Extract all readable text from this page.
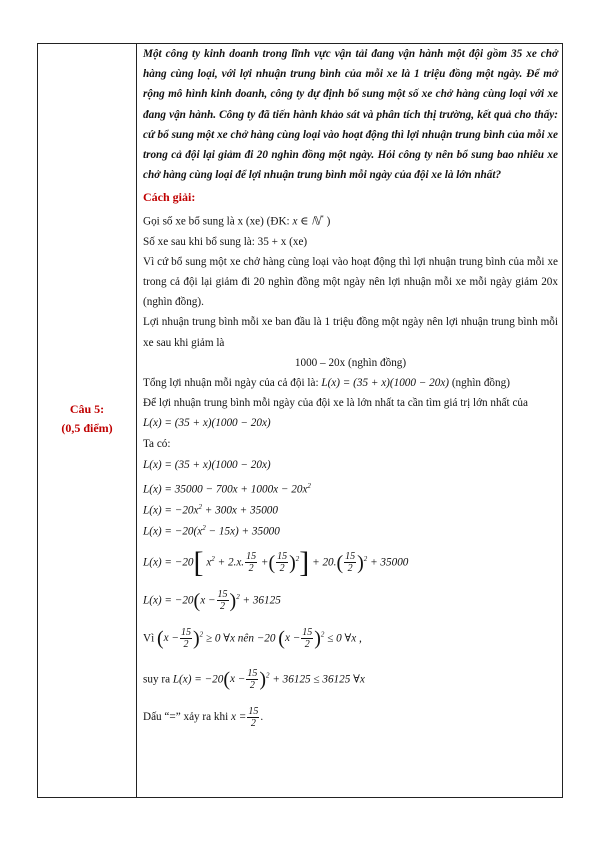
Câu 5:
(0,5 điểm)

Một công ty kinh doanh trong lĩnh vực vận tải đang vận hành một đội gồm 35 xe chở hàng cùng loại, với lợi nhuận trung bình của mỗi xe là 1 triệu đồng một ngày. Để mở rộng mô hình kinh doanh, công ty dự định bổ sung một số xe chở hàng cùng loại với xe đang vận hành. Công ty đã tiến hành khảo sát và phân tích thị trường, kết quả cho thấy: cứ bổ sung một xe chở hàng cùng loại vào hoạt động thì lợi nhuận trung bình của mỗi xe trong cả đội lại giảm đi 20 nghìn đồng một ngày. Hỏi công ty nên bổ sung bao nhiêu xe chở hàng cùng loại để lợi nhuận trung bình mỗi ngày của đội xe là lớn nhất?

Cách giải:

Gọi số xe bổ sung là x (xe) (ĐK: x ∈ ℕ* )

Số xe sau khi bổ sung là: 35 + x (xe)

Vì cứ bổ sung một xe chở hàng cùng loại vào hoạt động thì lợi nhuận trung bình của mỗi xe trong cả đội lại giảm đi 20 nghìn đồng một ngày nên lợi nhuận mỗi xe mỗi ngày giảm 20x (nghìn đồng).

Lợi nhuận trung bình mỗi xe ban đầu là 1 triệu đồng một ngày nên lợi nhuận trung bình mỗi xe sau khi giảm là

1000 – 20x (nghìn đồng)

Tổng lợi nhuận mỗi ngày của cả đội là: L(x) = (35 + x)(1000 − 20x) (nghìn đồng)

Để lợi nhuận trung bình mỗi ngày của đội xe là lớn nhất ta cần tìm giá trị lớn nhất của

L(x) = (35 + x)(1000 − 20x)

Ta có:

L(x) = (35 + x)(1000 − 20x)
$L(x) = 35000 - 700x + 1000x - 20x^2$
$L(x) = -20x^2 + 300x + 35000$
$L(x) = -20(x^2 - 15x) + 35000$
L(x) = −20[ $x^2 + 2.x$. $\frac{15}{2}$ +( $\frac{15}{2} )^2] + 20.( \frac{15}{2} )^2 + 35000$
$L(x) = -20(x - \frac{15}{2} )^2 + 36125$
Vì $(x - \frac{15}{2} )^2 \ge 0$ ∀x nên −20 $(x - \frac{15}{2} )^2 \le 0$ ∀x ,
suy ra $L(x) = -20(x - \frac{15}{2} )^2 + 36125 \le 36125$ ∀x
Dấu “=” xảy ra khi $x = \frac{15}{2}$ .
